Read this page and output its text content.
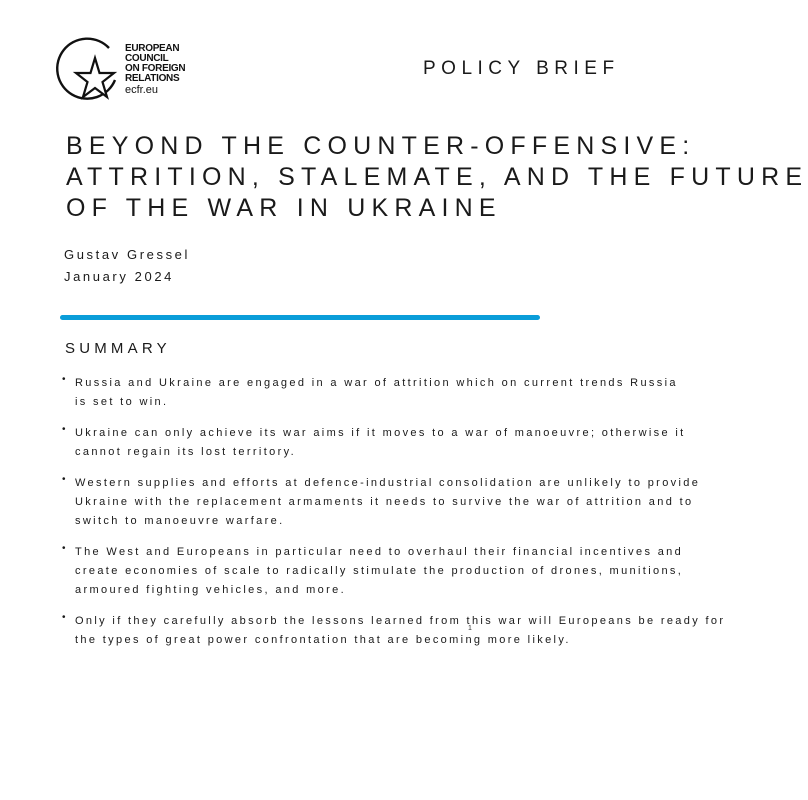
EUROPEAN
COUNCIL
ON FOREIGN
RELATIONS
ecfr.eu
POLICY BRIEF
BEYOND THE COUNTER-OFFENSIVE:
ATTRITION, STALEMATE, AND THE FUTURE
OF THE WAR IN UKRAINE
Gustav Gressel
January 2024
SUMMARY
• Russia and Ukraine are engaged in a war of attrition which on current trends Russia
is set to win.
• Ukraine can only achieve its war aims if it moves to a war of manoeuvre; otherwise it
cannot regain its lost territory.
• Western supplies and efforts at defence-industrial consolidation are unlikely to provide
Ukraine with the replacement armaments it needs to survive the war of attrition and to
switch to manoeuvre warfare.
• The West and Europeans in particular need to overhaul their financial incentives and
create economies of scale to radically stimulate the production of drones, munitions,
armoured fighting vehicles, and more.
• Only if they carefully absorb the lessons learned from this war will Europeans be ready for
the types of great power confrontation that are becoming more likely.
1
